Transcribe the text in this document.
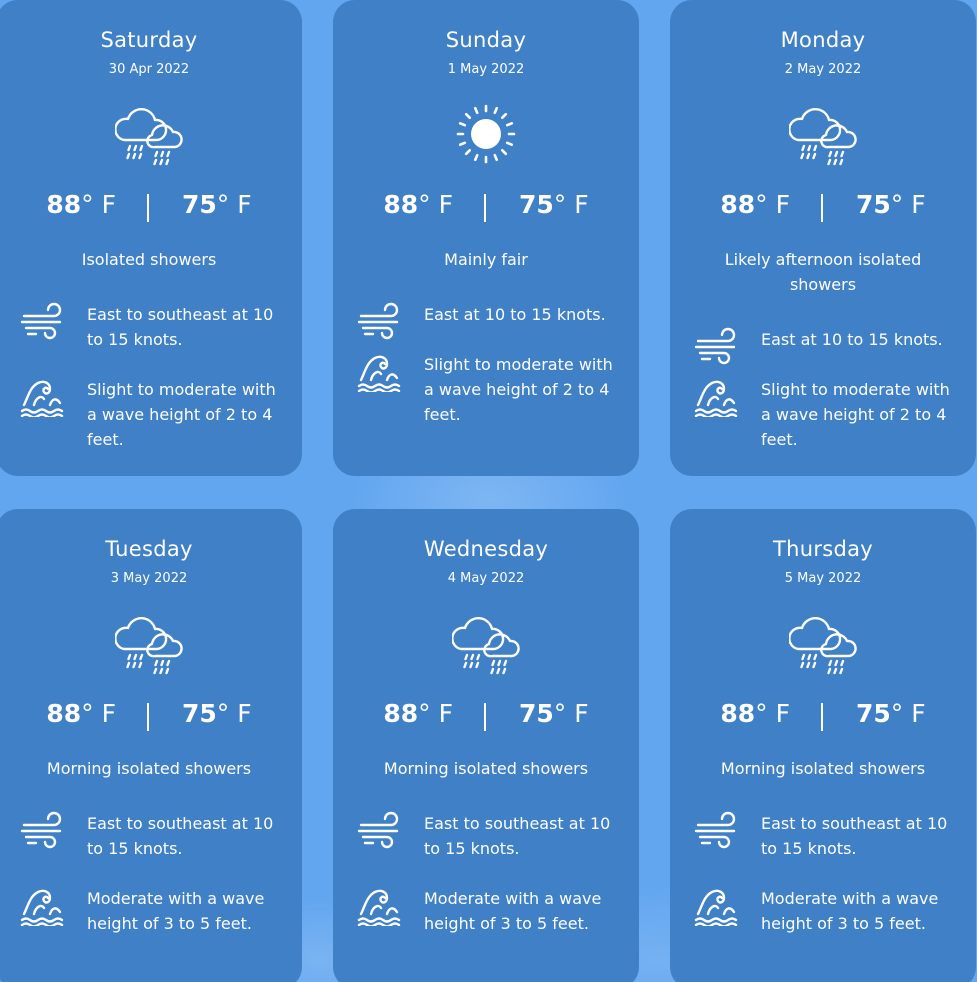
Saturday
30 Apr 2022
88° F	75° F
Isolated showers
East to southeast at 10 to 15 knots.
Slight to moderate with a wave height of 2 to 4 feet.
Sunday
1 May 2022
88° F	75° F
Mainly fair
East at 10 to 15 knots.
Slight to moderate with a wave height of 2 to 4 feet.
Monday
2 May 2022
88° F	75° F
Likely afternoon isolated showers
East at 10 to 15 knots.
Slight to moderate with a wave height of 2 to 4 feet.
Tuesday
3 May 2022
88° F	75° F
Morning isolated showers
East to southeast at 10 to 15 knots.
Moderate with a wave height of 3 to 5 feet.
Wednesday
4 May 2022
88° F	75° F
Morning isolated showers
East to southeast at 10 to 15 knots.
Moderate with a wave height of 3 to 5 feet.
Thursday
5 May 2022
88° F	75° F
Morning isolated showers
East to southeast at 10 to 15 knots.
Moderate with a wave height of 3 to 5 feet.
